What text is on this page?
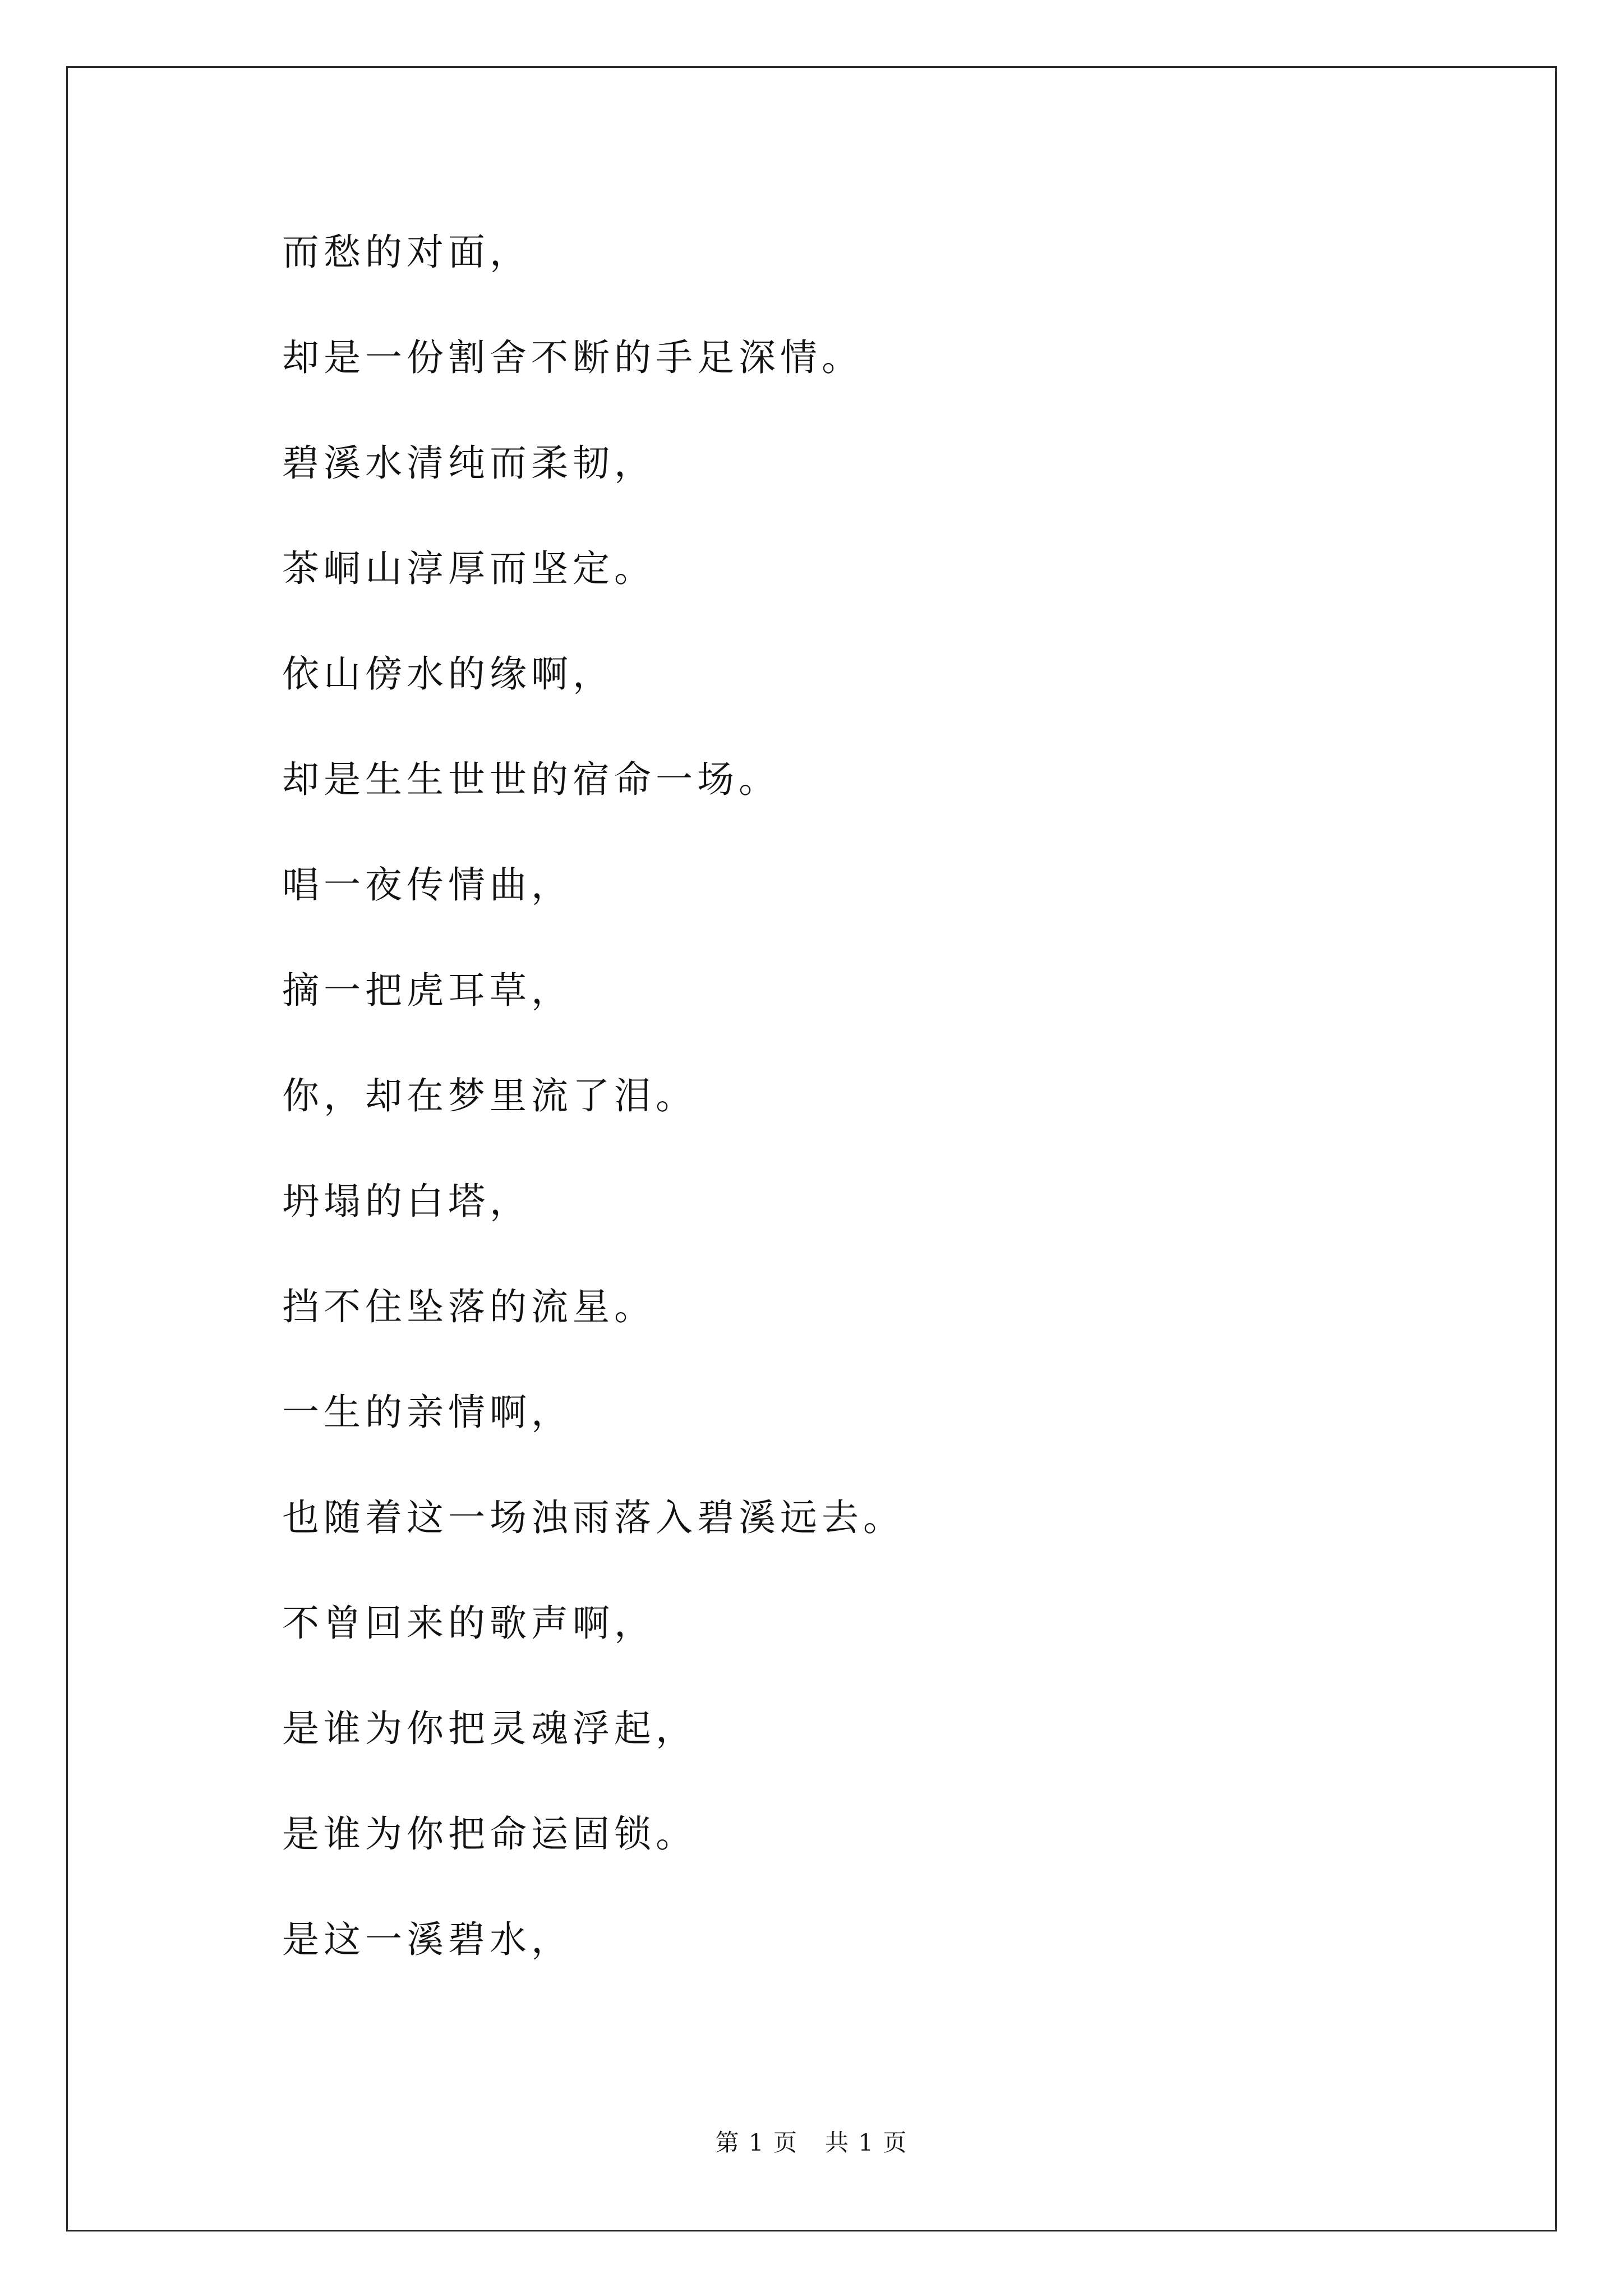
而愁的对面，
却是一份割舍不断的手足深情。
碧溪水清纯而柔韧，
茶峒山淳厚而坚定。
依山傍水的缘啊，
却是生生世世的宿命一场。
唱一夜传情曲，
摘一把虎耳草，
你，却在梦里流了泪。
坍塌的白塔，
挡不住坠落的流星。
一生的亲情啊，
也随着这一场浊雨落入碧溪远去。
不曾回来的歌声啊，
是谁为你把灵魂浮起，
是谁为你把命运固锁。
是这一溪碧水，
第 1 页 共 1 页
